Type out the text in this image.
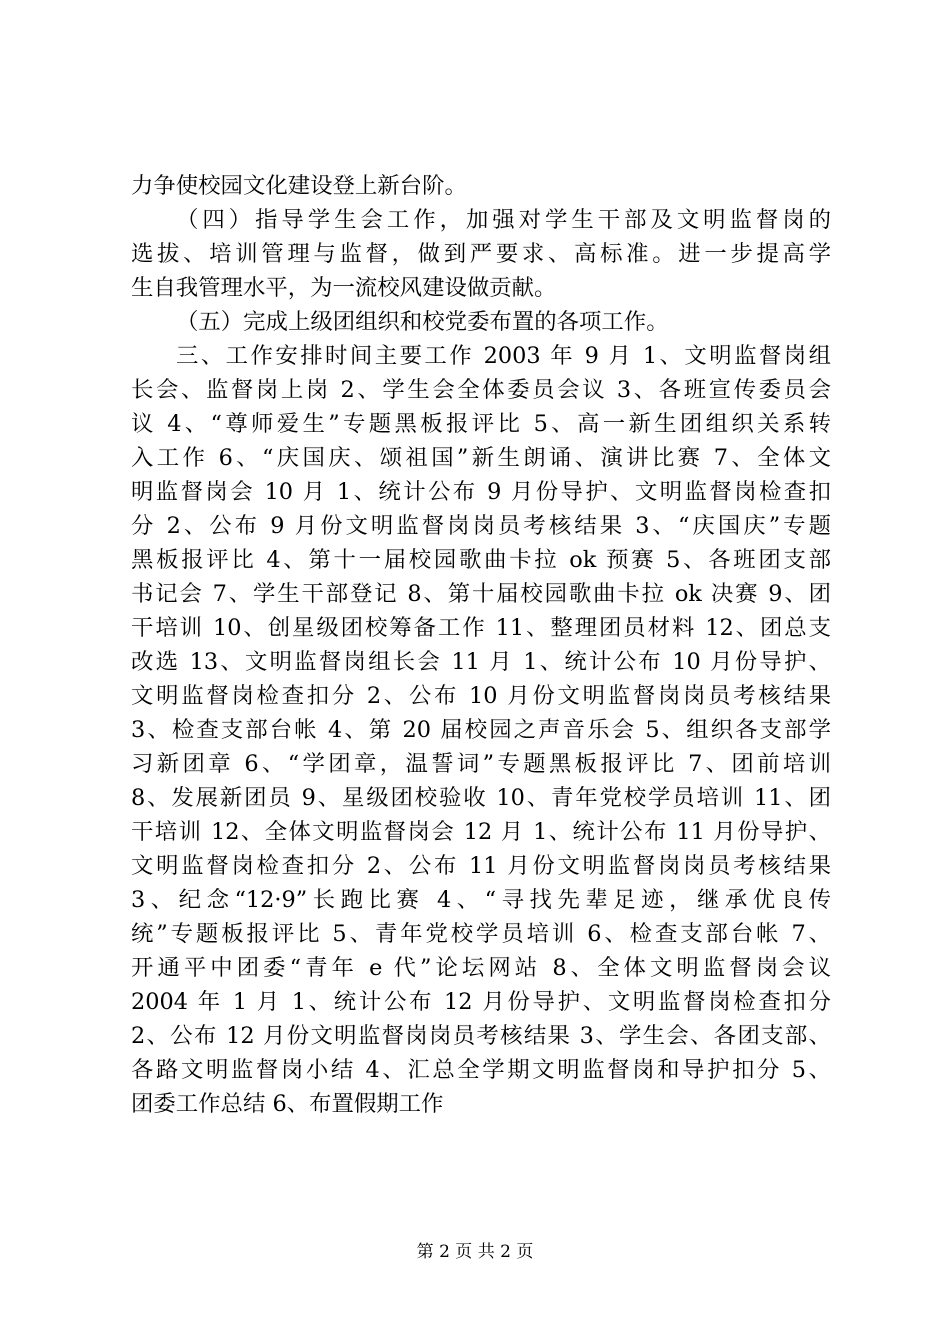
力争使校园文化建设登上新台阶。
（四）指导学生会工作，加强对学生干部及文明监督岗的
选拔、培训管理与监督，做到严要求、高标准。进一步提高学
生自我管理水平，为一流校风建设做贡献。
（五）完成上级团组织和校党委布置的各项工作。
三、工作安排时间主要工作 2003 年 9 月 1、文明监督岗组
长会、监督岗上岗 2、学生会全体委员会议 3、各班宣传委员会
议 4、“尊师爱生”专题黑板报评比 5、高一新生团组织关系转
入工作 6、“庆国庆、颂祖国”新生朗诵、演讲比赛 7、全体文
明监督岗会 10 月 1、统计公布 9 月份导护、文明监督岗检查扣
分 2、公布 9 月份文明监督岗岗员考核结果 3、“庆国庆”专题
黑板报评比 4、第十一届校园歌曲卡拉 ok 预赛 5、各班团支部
书记会 7、学生干部登记 8、第十届校园歌曲卡拉 ok 决赛 9、团
干培训 10、创星级团校筹备工作 11、整理团员材料 12、团总支
改选 13、文明监督岗组长会 11 月 1、统计公布 10 月份导护、
文明监督岗检查扣分 2、公布 10 月份文明监督岗岗员考核结果
3、检查支部台帐 4、第 20 届校园之声音乐会 5、组织各支部学
习新团章 6、“学团章，温誓词”专题黑板报评比 7、团前培训
8、发展新团员 9、星级团校验收 10、青年党校学员培训 11、团
干培训 12、全体文明监督岗会 12 月 1、统计公布 11 月份导护、
文明监督岗检查扣分 2、公布 11 月份文明监督岗岗员考核结果
3、纪念“12·9”长跑比赛 4、“寻找先辈足迹，继承优良传
统”专题板报评比 5、青年党校学员培训 6、检查支部台帐 7、
开通平中团委“青年 e 代”论坛网站 8、全体文明监督岗会议
2004 年 1 月 1、统计公布 12 月份导护、文明监督岗检查扣分
2、公布 12 月份文明监督岗岗员考核结果 3、学生会、各团支部、
各路文明监督岗小结 4、汇总全学期文明监督岗和导护扣分 5、
团委工作总结 6、布置假期工作
第 2 页 共 2 页
